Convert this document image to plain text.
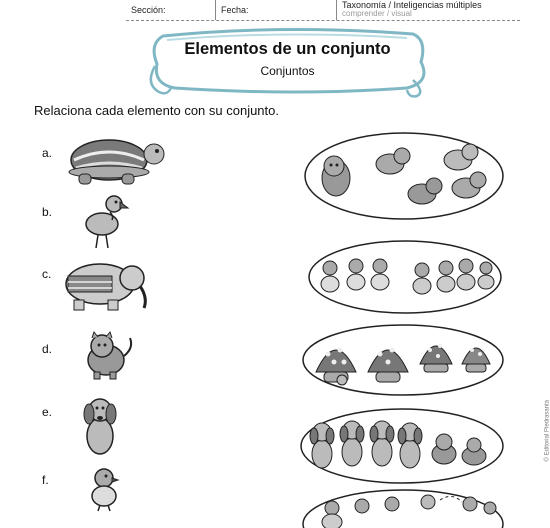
Sección:	Fecha:	Taxonomía / Inteligencias múltiples
comprender / visual
Elementos de un conjunto
Conjuntos
Relaciona cada elemento con su conjunto.
a.
b.
c.
d.
e.
f.
© Editorial Piedrasanta
